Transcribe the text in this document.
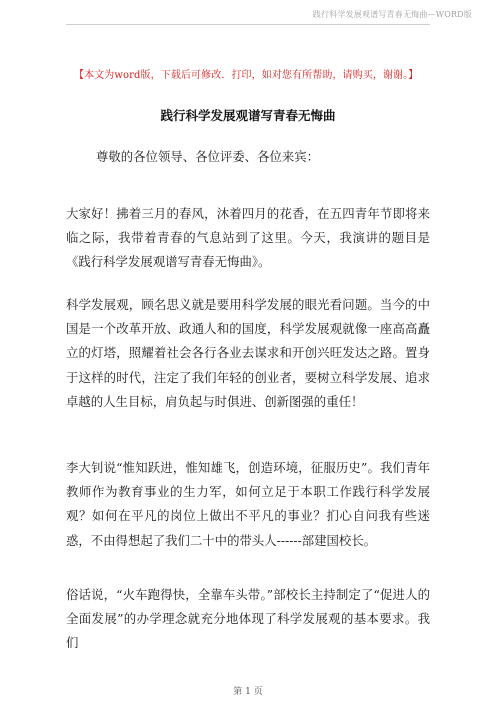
践行科学发展观谱写青春无悔曲—WORD版
【本文为word版，下载后可修改．打印，如对您有所帮助，请购买，谢谢。】
践行科学发展观谱写青春无悔曲
尊敬的各位领导、各位评委、各位来宾：

大家好！拂着三月的春风，沐着四月的花香，在五四青年节即将来临之际，我带着青春的气息站到了这里。今天，我演讲的题目是《践行科学发展观谱写青春无悔曲》。

科学发展观，顾名思义就是要用科学发展的眼光看问题。当今的中国是一个改革开放、政通人和的国度，科学发展观就像一座高高矗立的灯塔，照耀着社会各行各业去谋求和开创兴旺发达之路。置身于这样的时代，注定了我们年轻的创业者，要树立科学发展、追求卓越的人生目标，肩负起与时俱进、创新图强的重任！

李大钊说“惟知跃进，惟知雄飞，创造环境，征服历史”。我们青年教师作为教育事业的生力军，如何立足于本职工作践行科学发展观？如何在平凡的岗位上做出不平凡的事业？扪心自问我有些迷惑，不由得想起了我们二十中的带头人------部建国校长。

俗话说，“火车跑得快，全靠车头带。”部校长主持制定了“促进人的全面发展”的办学理念就充分地体现了科学发展观的基本要求。我们

第 1 页
